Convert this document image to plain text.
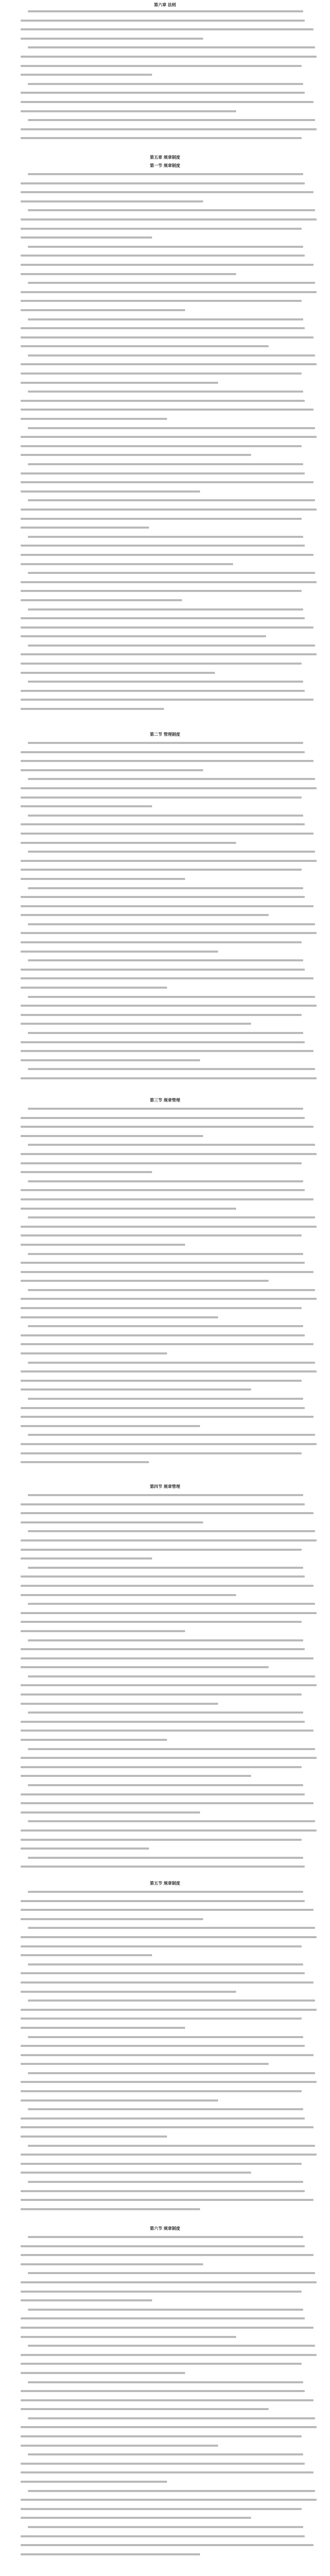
第六章 法则
第五章 规章制度
第一节 规章制度
第二节 管理制度
第三节 规章管理
第四节 规章管理
第五节 规章制度
第六节 规章制度
